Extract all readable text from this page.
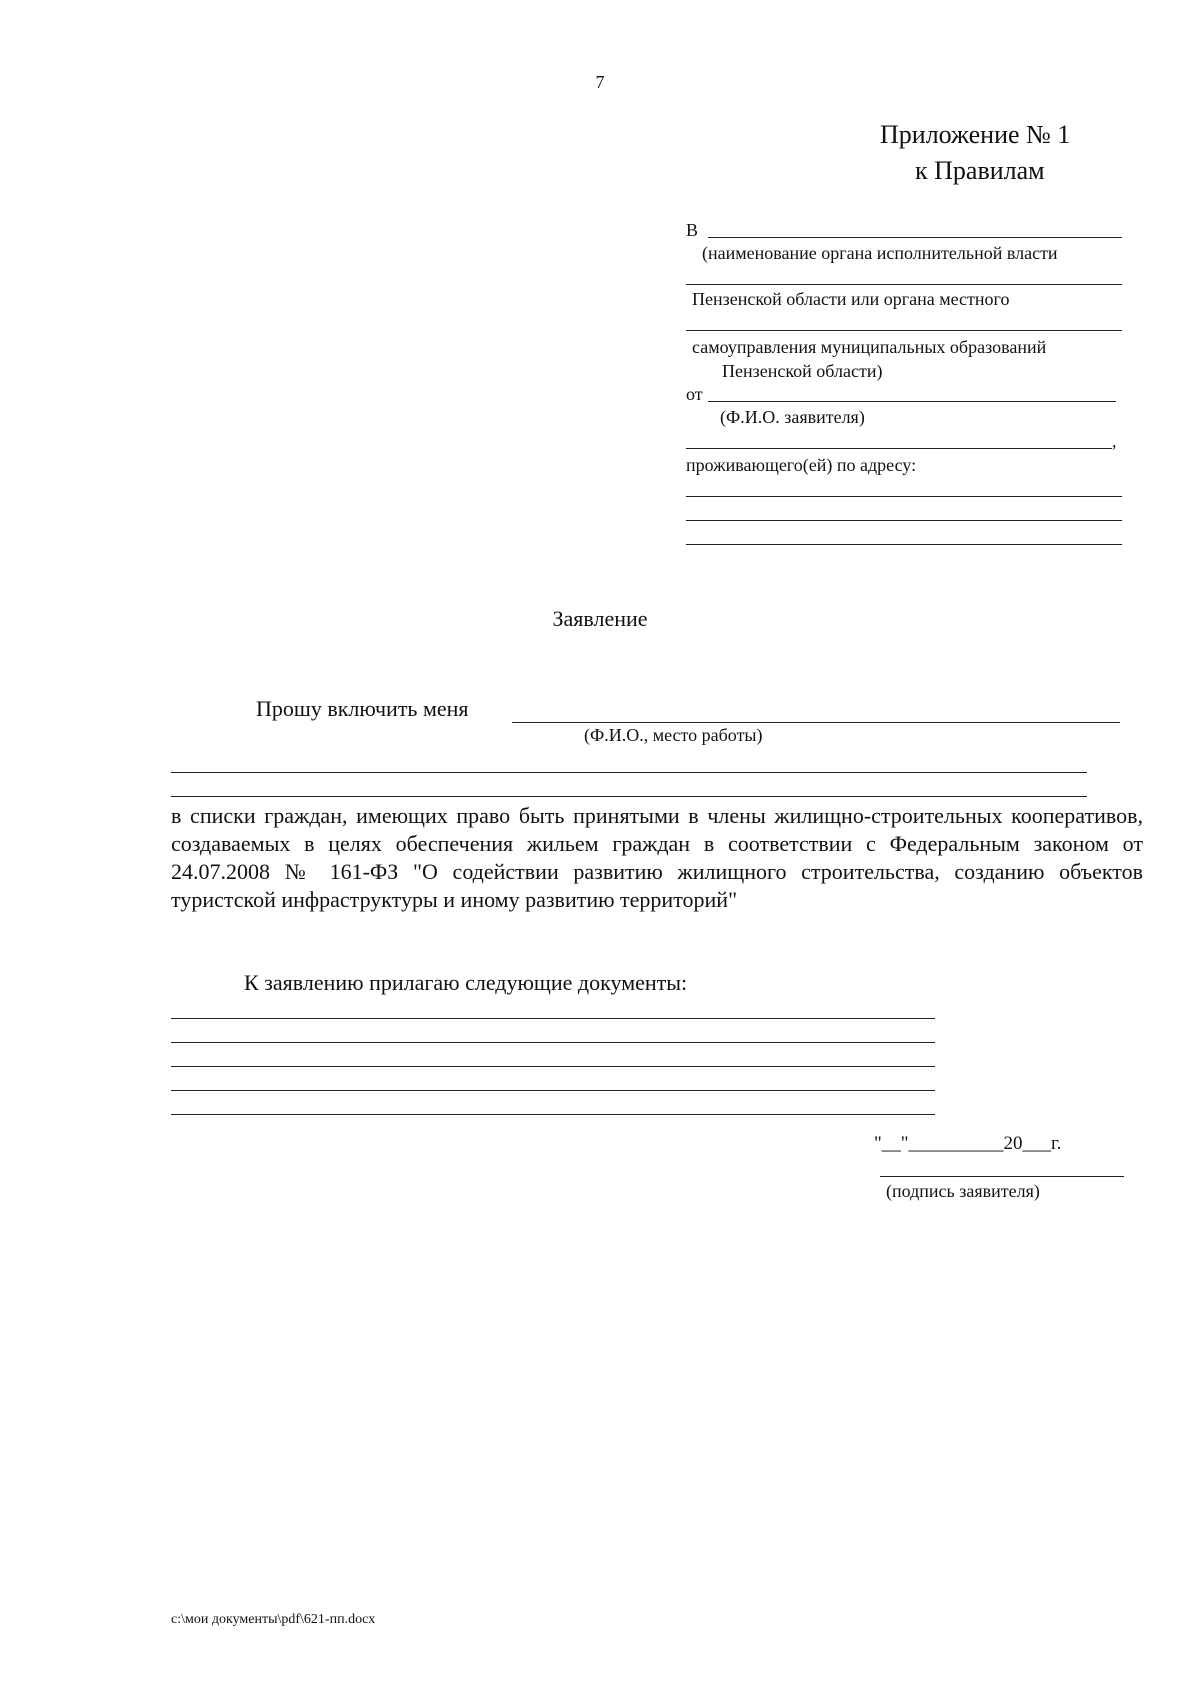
7
Приложение № 1
к Правилам
В
(наименование органа исполнительной власти
Пензенской области или органа местного
самоуправления муниципальных образований
Пензенской области)
от
(Ф.И.О. заявителя)
,
проживающего(ей) по адресу:
Заявление
Прошу включить меня
(Ф.И.О., место работы)
в списки граждан, имеющих право быть принятыми в члены жилищно-строительных кооперативов, создаваемых в целях обеспечения жильем граждан в соответствии с Федеральным законом от 24.07.2008 № 161-ФЗ "О содействии развитию жилищного строительства, созданию объектов туристской инфраструктуры и иному развитию территорий"
К заявлению прилагаю следующие документы:
"__"__________20___г.
(подпись заявителя)
c:\мои документы\pdf\621-пп.docx
